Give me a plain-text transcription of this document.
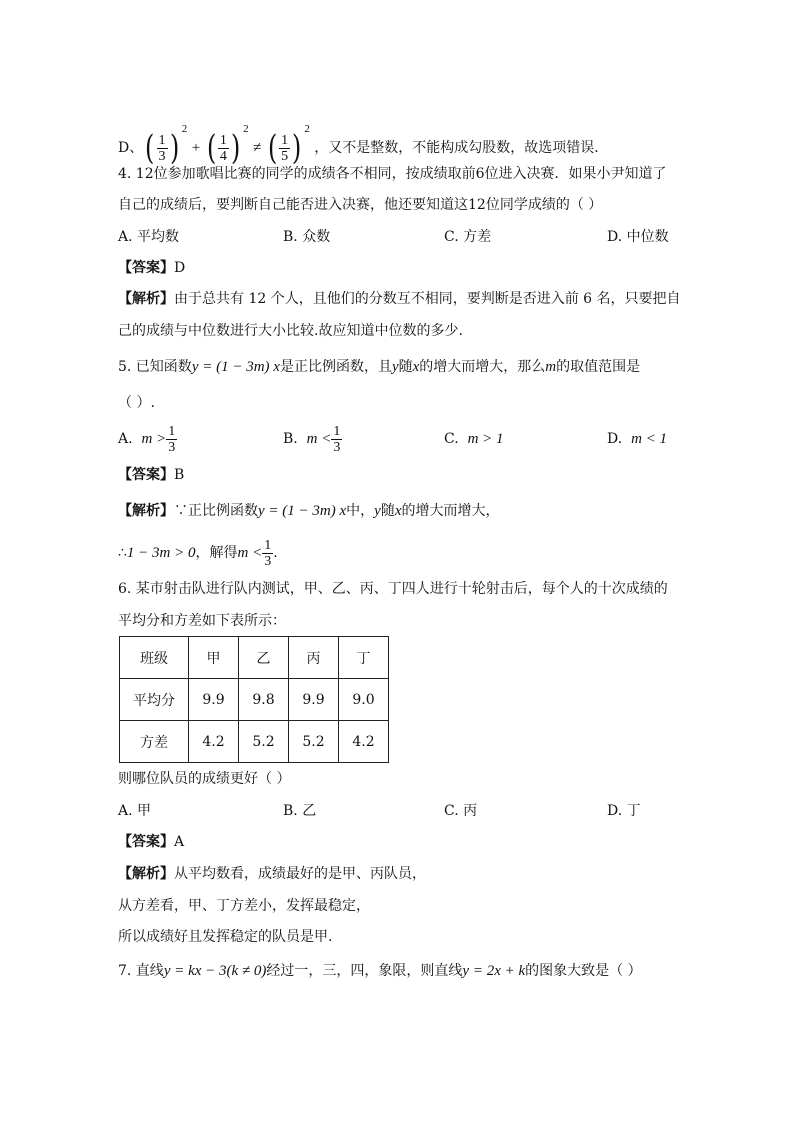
D、( $\frac{1}{3}$ ) $^2$ + ( $\frac{1}{4}$ ) $^2$ ≠ ( $\frac{1}{5}$ ) $^2$ ，又不是整数，不能构成勾股数，故选项错误．
4. 12位参加歌唱比赛的同学的成绩各不相同，按成绩取前6位进入决赛．如果小尹知道了
自己的成绩后，要判断自己能否进入决赛，他还要知道这12位同学成绩的（ ）
A. 平均数	B. 众数	C. 方差	D. 中位数
【答案】D
【解析】由于总共有 12 个人，且他们的分数互不相同，要判断是否进入前 6 名，只要把自
己的成绩与中位数进行大小比较.故应知道中位数的多少.
5. 已知函数y = (1 − 3m) x是正比例函数，且y随x的增大而增大，那么m的取值范围是
（ ）.
A. $m > \frac{1}{3}$	B. $m < \frac{1}{3}$	C. m > 1	D. m < 1
【答案】B
【解析】∵正比例函数y = (1 − 3m) x中，y随x的增大而增大，
∴1 − 3m > 0，解得$m < \frac{1}{3}$ .
6. 某市射击队进行队内测试，甲、乙、丙、丁四人进行十轮射击后，每个人的十次成绩的
平均分和方差如下表所示：
班级	甲	乙	丙	丁
平均分	9.9	9.8	9.9	9.0
方差	4.2	5.2	5.2	4.2
则哪位队员的成绩更好（ ）
A. 甲	B. 乙	C. 丙	D. 丁
【答案】A
【解析】从平均数看，成绩最好的是甲、丙队员，
从方差看，甲、丁方差小，发挥最稳定，
所以成绩好且发挥稳定的队员是甲.
7. 直线y = kx − 3(k ≠ 0)经过一，三，四，象限，则直线y = 2x + k的图象大致是（ ）
